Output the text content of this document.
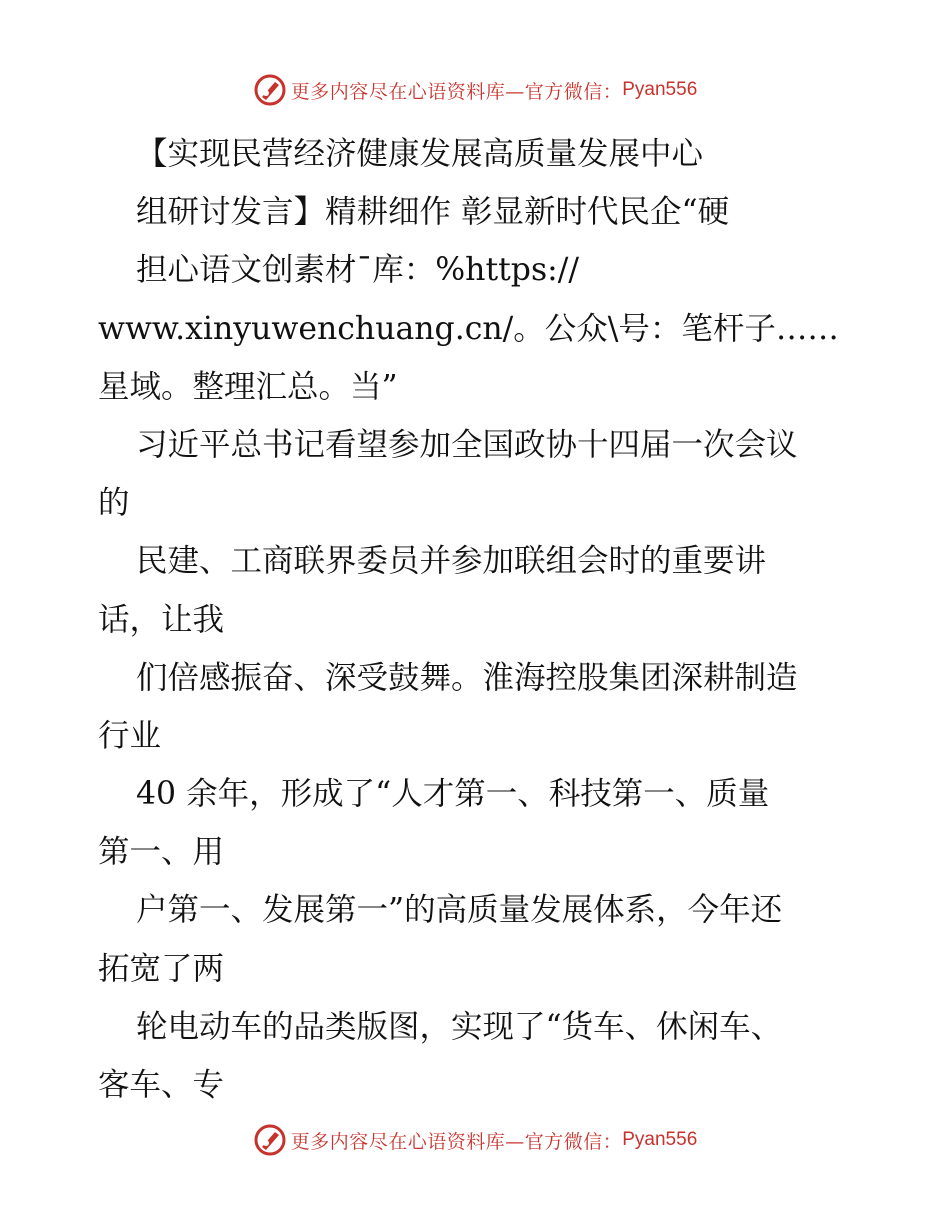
更多内容尽在心语资料库—官方微信： Pyan556
【实现民营经济健康发展高质量发展中心
组研讨发言】精耕细作 彰显新时代民企“硬
担心语文创素材¯库：%https://
www.xinyuwenchuang.cn/。公众\号：笔杆子……
星域。整理汇总。当”
习近平总书记看望参加全国政协十四届一次会议
的
民建、工商联界委员并参加联组会时的重要讲
话，让我
们倍感振奋、深受鼓舞。淮海控股集团深耕制造
行业
40 余年，形成了“人才第一、科技第一、质量
第一、用
户第一、发展第一”的高质量发展体系，今年还
拓宽了两
轮电动车的品类版图，实现了“货车、休闲车、
客车、专
更多内容尽在心语资料库—官方微信： Pyan556
